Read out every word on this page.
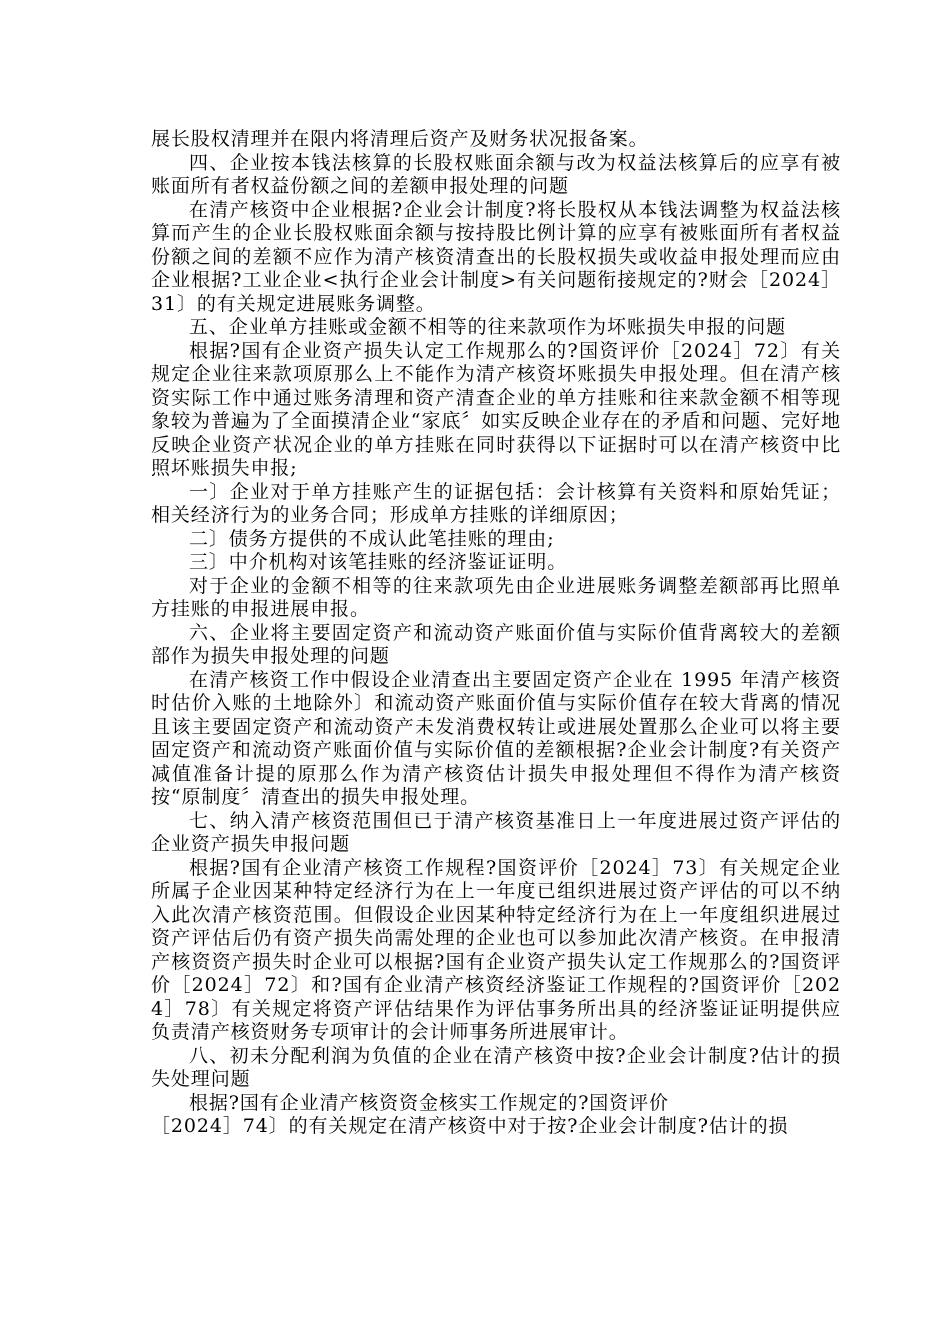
展长股权清理并在限内将清理后资产及财务状况报备案。

四、企业按本钱法核算的长股权账面余额与改为权益法核算后的应享有被账面所有者权益份额之间的差额申报处理的问题

在清产核资中企业根据?企业会计制度?将长股权从本钱法调整为权益法核算而产生的企业长股权账面余额与按持股比例计算的应享有被账面所有者权益份额之间的差额不应作为清产核资清查出的长股权损失或收益申报处理而应由企业根据?工业企业<执行企业会计制度>有关问题衔接规定的?财会［2024］31〕的有关规定进展账务调整。

五、企业单方挂账或金额不相等的往来款项作为坏账损失申报的问题

根据?国有企业资产损失认定工作规那么的?国资评价［2024］72〕有关规定企业往来款项原那么上不能作为清产核资坏账损失申报处理。但在清产核资实际工作中通过账务清理和资产清查企业的单方挂账和往来款金额不相等现象较为普遍为了全面摸清企业“家底〞如实反映企业存在的矛盾和问题、完好地反映企业资产状况企业的单方挂账在同时获得以下证据时可以在清产核资中比照坏账损失申报;

一〕企业对于单方挂账产生的证据包括：会计核算有关资料和原始凭证；相关经济行为的业务合同；形成单方挂账的详细原因；

二〕债务方提供的不成认此笔挂账的理由;

三〕中介机构对该笔挂账的经济鉴证证明。

对于企业的金额不相等的往来款项先由企业进展账务调整差额部再比照单方挂账的申报进展申报。

六、企业将主要固定资产和流动资产账面价值与实际价值背离较大的差额部作为损失申报处理的问题

在清产核资工作中假设企业清查出主要固定资产企业在 1995 年清产核资时估价入账的土地除外〕和流动资产账面价值与实际价值存在较大背离的情况且该主要固定资产和流动资产未发消费权转让或进展处置那么企业可以将主要固定资产和流动资产账面价值与实际价值的差额根据?企业会计制度?有关资产减值准备计提的原那么作为清产核资估计损失申报处理但不得作为清产核资按“原制度〞清查出的损失申报处理。

七、纳入清产核资范围但已于清产核资基准日上一年度进展过资产评估的企业资产损失申报问题

根据?国有企业清产核资工作规程?国资评价［2024］73〕有关规定企业所属子企业因某种特定经济行为在上一年度已组织进展过资产评估的可以不纳入此次清产核资范围。但假设企业因某种特定经济行为在上一年度组织进展过资产评估后仍有资产损失尚需处理的企业也可以参加此次清产核资。在申报清产核资资产损失时企业可以根据?国有企业资产损失认定工作规那么的?国资评价［2024］72〕和?国有企业清产核资经济鉴证工作规程的?国资评价［2024］78〕有关规定将资产评估结果作为评估事务所出具的经济鉴证证明提供应负责清产核资财务专项审计的会计师事务所进展审计。

八、初未分配利润为负值的企业在清产核资中按?企业会计制度?估计的损失处理问题

根据?国有企业清产核资资金核实工作规定的?国资评价

［2024］74〕的有关规定在清产核资中对于按?企业会计制度?估计的损
